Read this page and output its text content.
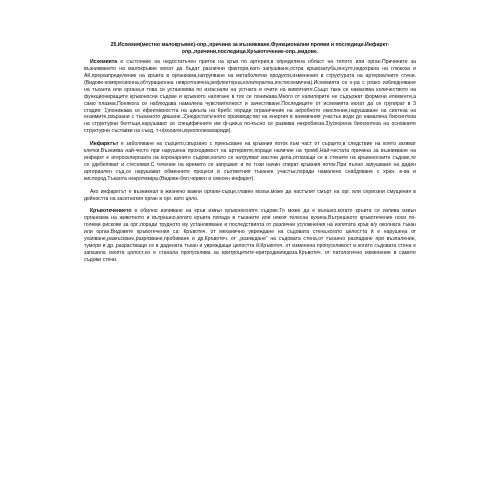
25.Исхемия(местно малокръвие)-опр.,причина за възникване.Функционални прояви и последици.Инфаркт-опр.,причини,последици.Кръвотечение-опр.,видове.

Исхемията е състояние на недостатъчен приток на кръв по артерия,в определена област на тялото или орган.Причините за възникването на малокръвие могат да бъдат различни фактори,като запушване,остра кръвозагуба,инсулт,недохрана на глюкоза и АК,преразпределение на кръвта в организма,натрупване на метаболитни продукти,изменения в структурата на артериалните стени.(Видове-компресионна,обтурационна невротонична,рефлекторна,колатерална,постисхемична).Исхемията се х-ра с рязко избледняване на тъканта или органа,и това се установява по изгаснали на устната и очите на животните.Също така се намалява количеството на функциониращите кръвоносни съдове и кръвното налягане в тях се понижава.Много от капилярите не съдържат формени елементи,а само плазма.Понякога се наблюдава намалена чувствителност и зачестяване.Последиците от исхемията могат да се групират в 3 стадия: 1)понижава се ефективността на цикъла на Кребс поради ограничение на аеробното окисление,нарушаване на синтеза на ензимите,свързани с тъканното дишане..2)недостатъчното производство на енергия в анемичния участък води до намалена биосинтеза на структурни белтъци,нарушават се специфичните им ф-ции,а по-късно се развива некробиоза.3)ускорена биосинтеза на основните структурни съставки на съед. т-н(колаген,мукополизахариди).

Инфарктът е заболяване на сърцето,свързано с прекъсване на кръвния поток към част от сърцето,в следствие на което загиват клетки.Възниква най-често при нарушена проходимост на артериите,поради наличие на тромб.Най-честата причина за възникване на инфаркт е атеросклерозата на коронарните съдове,когато се натрупват мастни депа,отлагащи се в стените на кръвоносните съдове,те се удебеляват и стесняват.С течение на времето се запушват и по този начин спират кръвния поток.При пълно запушване на даден артериален съд,се нарушават обменните процеси в съответния тъканен участък,поради намалено снабдяване с хран. в-ва и кислород.Тъканта некротизира.(Видове-бял,червен и смесен инфаркт).

Ако инфарктът е възникнал в жизнено важни органи-сърце,главен мозък,може да настъпит смърт на орг. или сериозни смущения в дейността на засегнатия орган и орг. като цяло.

Кръвотечението е обилно изливане на кръв извън кръвоносните съдове.То може да е външно,когато кръвта се излива извън организма на животното и вътрешно,когато кръвта попада в тъканите или някоя телесна кухина.Вътрешното кръвотечение носи по-големи рискове за орг.,поради трудното му установяване и последствията от различни усложнения на излятата кръв в/у околната тъкан или орган.Видовете кръвотечения са: Кръвотеч. от механично увреждане на съдовата стена,когато целостта й е нарушена от ухапване,разкъсване,разрязване,пробиване и др.Кръвотеч. от „разяждане“ на съдовата стена,от тъканно разпадане при възпаление, тумори и др.,разрастващи се в дадената тъкан и увреждащи целостта й.Кръвотеч. от изменена пропускливост и когато съдовата стена е запазила своята цялост,но е станала пропусклива за еритроцитите-еритродиапедеза.Кръвотеч. от патологично изменение в самите съдови стени.
